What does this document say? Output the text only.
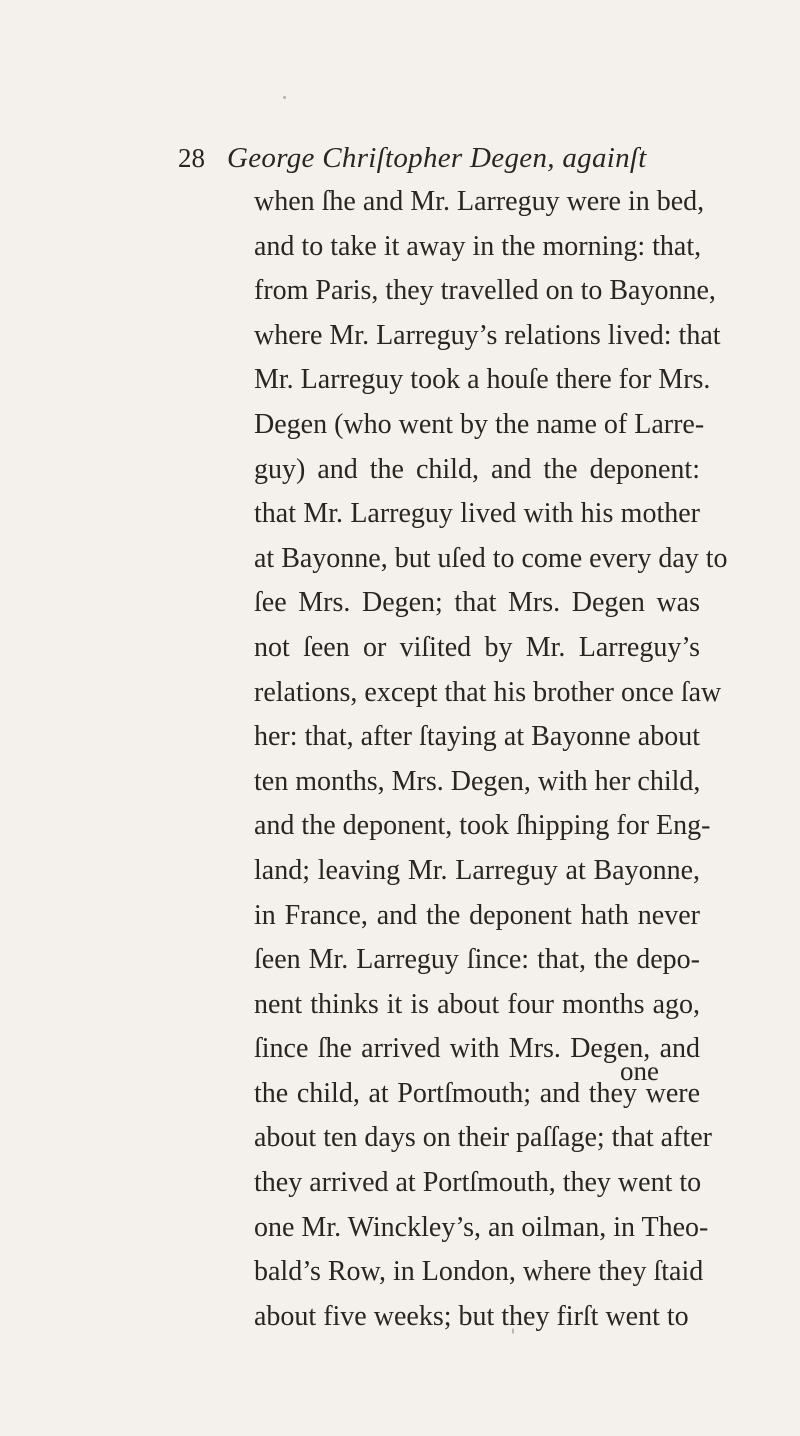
28 George Chriſtopher Degen, againſt
when ſhe and Mr. Larreguy were in bed,
and to take it away in the morning: that,
from Paris, they travelled on to Bayonne,
where Mr. Larreguy’s relations lived: that
Mr. Larreguy took a houſe there for Mrs.
Degen (who went by the name of Larre-
guy) and the child, and the deponent:
that Mr. Larreguy lived with his mother
at Bayonne, but uſed to come every day to
ſee Mrs. Degen; that Mrs. Degen was
not ſeen or viſited by Mr. Larreguy’s
relations, except that his brother once ſaw
her: that, after ſtaying at Bayonne about
ten months, Mrs. Degen, with her child,
and the deponent, took ſhipping for Eng-
land; leaving Mr. Larreguy at Bayonne,
in France, and the deponent hath never
ſeen Mr. Larreguy ſince: that, the depo-
nent thinks it is about four months ago,
ſince ſhe arrived with Mrs. Degen, and
the child, at Portſmouth; and they were
about ten days on their paſſage; that after
they arrived at Portſmouth, they went to
one Mr. Winckley’s, an oilman, in Theo-
bald’s Row, in London, where they ſtaid
about five weeks; but they firſt went to
one
